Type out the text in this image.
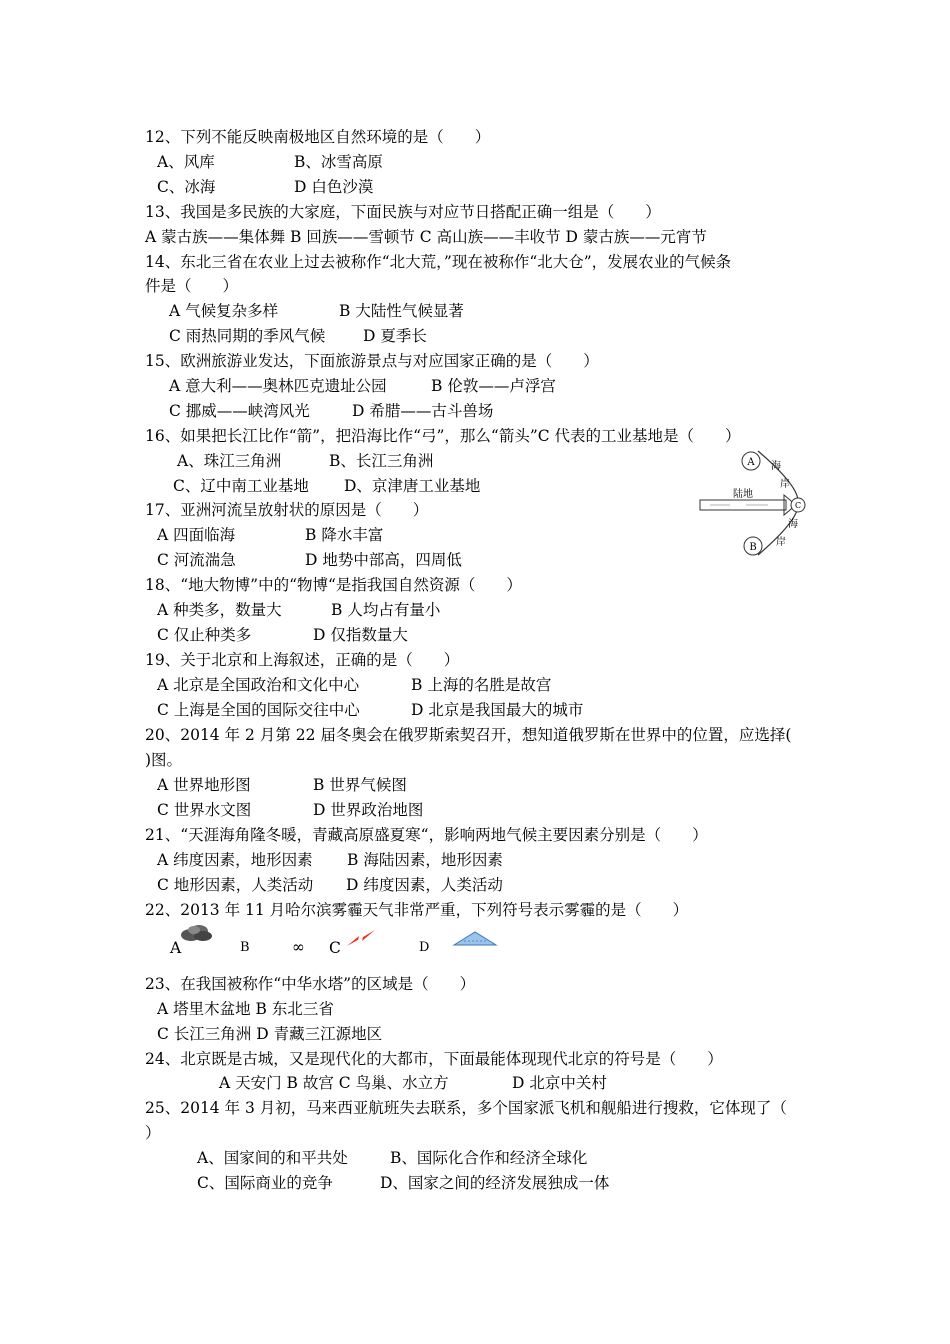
12、下列不能反映南极地区自然环境的是（　　）
A、风库	B、冰雪高原
C、冰海	D 白色沙漠
13、我国是多民族的大家庭，下面民族与对应节日搭配正确一组是（　　）
A 蒙古族——集体舞 B 回族——雪顿节 C 高山族——丰收节 D 蒙古族——元宵节
14、东北三省在农业上过去被称作“北大荒，”现在被称作“北大仓”，发展农业的气候条
件是（　　）
A 气候复杂多样	B 大陆性气候显著
C 雨热同期的季风气候 D 夏季长
15、欧洲旅游业发达，下面旅游景点与对应国家正确的是（　　）
A 意大利——奥林匹克遗址公园	B 伦敦——卢浮宫
C 挪威——峡湾风光	D 希腊——古斗兽场
16、如果把长江比作“箭”，把沿海比作“弓”，那么“箭头”C 代表的工业基地是（　　）
A、珠江三角洲	B、长江三角洲
C、辽中南工业基地 D、京津唐工业基地
A
C
B
陆地
海
岸
海
岸
17、亚洲河流呈放射状的原因是（　　）
A 四面临海	B 降水丰富
C 河流湍急	D 地势中部高，四周低
18、“地大物博”中的“物博“是指我国自然资源（　　）
A 种类多，数量大	B 人均占有量小
C 仅止种类多	D 仅指数量大
19、关于北京和上海叙述，正确的是（　　）
A 北京是全国政治和文化中心	B 上海的名胜是故宫
C 上海是全国的国际交往中心	D 北京是我国最大的城市
20、2014 年 2 月第 22 届冬奥会在俄罗斯索契召开，想知道俄罗斯在世界中的位置，应选择(
)图。
A 世界地形图	B 世界气候图
C 世界水文图	D 世界政治地图
21、“天涯海角隆冬暖，青藏高原盛夏寒“，影响两地气候主要因素分别是（　　）
A 纬度因素，地形因素 B 海陆因素，地形因素
C 地形因素，人类活动 D 纬度因素，人类活动
22、2013 年 11 月哈尔滨雾霾天气非常严重，下列符号表示雾霾的是（　　）
A	B	∞ C	D
23、在我国被称作“中华水塔”的区域是（　　）
A 塔里木盆地 B 东北三省
C 长江三角洲 D 青藏三江源地区
24、北京既是古城，又是现代化的大都市，下面最能体现现代北京的符号是（　　）
A 天安门 B 故宫 C 鸟巢、水立方	D 北京中关村
25、2014 年 3 月初，马来西亚航班失去联系，多个国家派飞机和舰船进行搜救，它体现了（
）
A、国家间的和平共处	B、国际化合作和经济全球化
C、国际商业的竞争	D、国家之间的经济发展独成一体
